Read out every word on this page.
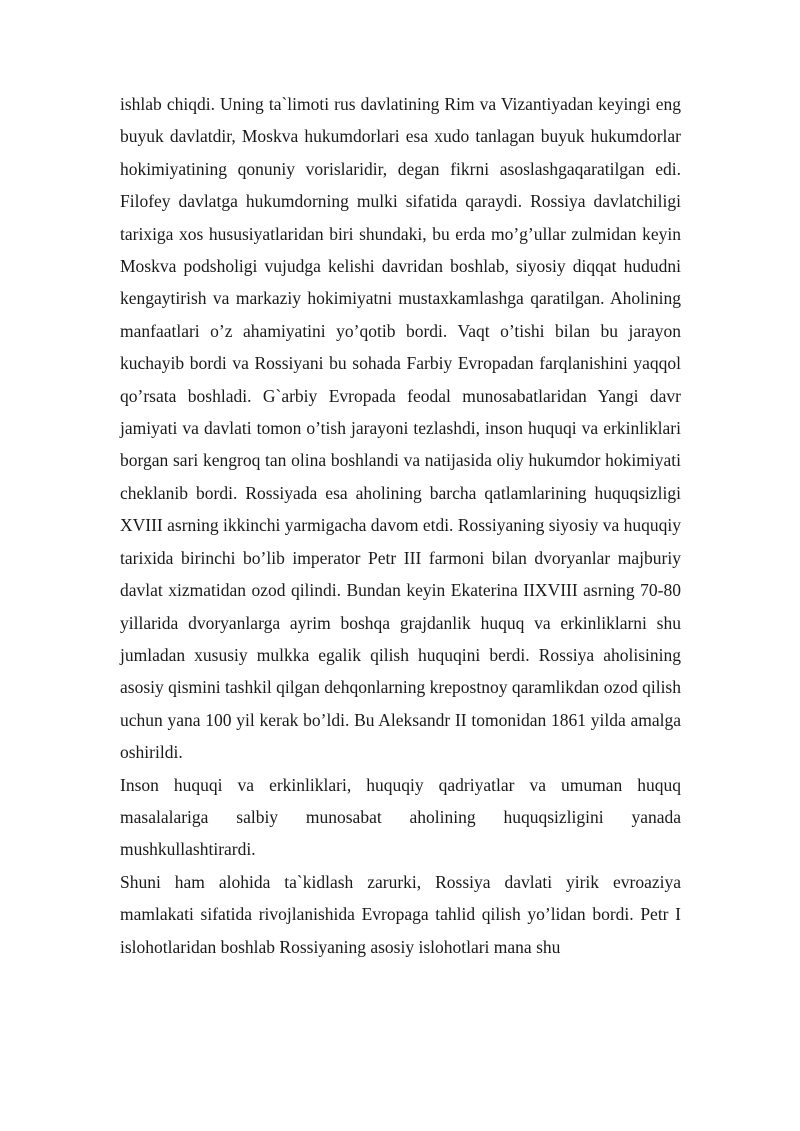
ishlab chiqdi. Uning ta`limoti rus davlatining Rim va Vizantiyadan keyingi eng buyuk davlatdir, Moskva hukumdorlari esa xudo tanlagan buyuk hukumdorlar hokimiyatining qonuniy vorislaridir, degan fikrni asoslashgaqaratilgan edi. Filofey davlatga hukumdorning mulki sifatida qaraydi. Rossiya davlatchiligi tarixiga xos hususiyatlaridan biri shundaki, bu erda mo’g’ullar zulmidan keyin Moskva podsholigi vujudga kelishi davridan boshlab, siyosiy diqqat hududni kengaytirish va markaziy hokimiyatni mustaxkamlashga qaratilgan. Aholining manfaatlari o’z ahamiyatini yo’qotib bordi. Vaqt o’tishi bilan bu jarayon kuchayib bordi va Rossiyani bu sohada Farbiy Evropadan farqlanishini yaqqol qo’rsata boshladi. G`arbiy Evropada feodal munosabatlaridan Yangi davr jamiyati va davlati tomon o’tish jarayoni tezlashdi, inson huquqi va erkinliklari borgan sari kengroq tan olina boshlandi va natijasida oliy hukumdor hokimiyati cheklanib bordi. Rossiyada esa aholining barcha qatlamlarining huquqsizligi XVIII asrning ikkinchi yarmigacha davom etdi. Rossiyaning siyosiy va huquqiy tarixida birinchi bo’lib imperator Petr III farmoni bilan dvoryanlar majburiy davlat xizmatidan ozod qilindi. Bundan keyin Ekaterina IIXVIII asrning 70-80 yillarida dvoryanlarga ayrim boshqa grajdanlik huquq va erkinliklarni shu jumladan xususiy mulkka egalik qilish huquqini berdi. Rossiya aholisining asosiy qismini tashkil qilgan dehqonlarning krepostnoy qaramlikdan ozod qilish uchun yana 100 yil kerak bo’ldi. Bu Aleksandr II tomonidan 1861 yilda amalga oshirildi.

Inson huquqi va erkinliklari, huquqiy qadriyatlar va umuman huquq masalalariga salbiy munosabat aholining huquqsizligini yanada mushkullashtirardi.

Shuni ham alohida ta`kidlash zarurki, Rossiya davlati yirik evroaziya mamlakati sifatida rivojlanishida Evropaga tahlid qilish yo’lidan bordi. Petr I islohotlaridan boshlab Rossiyaning asosiy islohotlari mana shu
